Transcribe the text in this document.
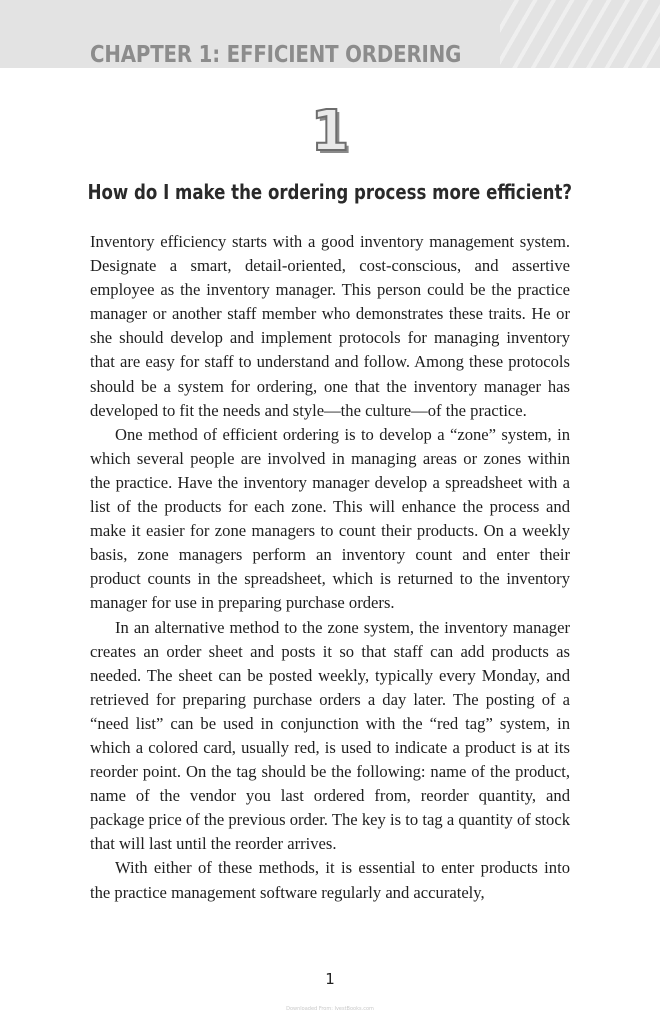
CHAPTER 1: EFFICIENT ORDERING
1
How do I make the ordering process more efficient?

Inventory efficiency starts with a good inventory management system. Designate a smart, detail-oriented, cost-conscious, and assertive employee as the inventory manager. This person could be the practice manager or another staff member who demonstrates these traits. He or she should develop and implement protocols for managing inventory that are easy for staff to understand and follow. Among these protocols should be a system for ordering, one that the inventory manager has developed to fit the needs and style—the culture—of the practice.

One method of efficient ordering is to develop a “zone” system, in which several people are involved in managing areas or zones within the practice. Have the inventory manager develop a spreadsheet with a list of the products for each zone. This will enhance the process and make it easier for zone managers to count their products. On a weekly basis, zone managers perform an inventory count and enter their product counts in the spreadsheet, which is returned to the inventory manager for use in preparing purchase orders.

In an alternative method to the zone system, the inventory manager creates an order sheet and posts it so that staff can add products as needed. The sheet can be posted weekly, typically every Monday, and retrieved for preparing purchase orders a day later. The posting of a “need list” can be used in conjunction with the “red tag” system, in which a colored card, usually red, is used to indicate a product is at its reorder point. On the tag should be the following: name of the product, name of the vendor you last ordered from, reorder quantity, and package price of the previous order. The key is to tag a quantity of stock that will last until the reorder arrives.

With either of these methods, it is essential to enter products into the practice management software regularly and accurately,

1
Downloaded From: IvestBooks.com
